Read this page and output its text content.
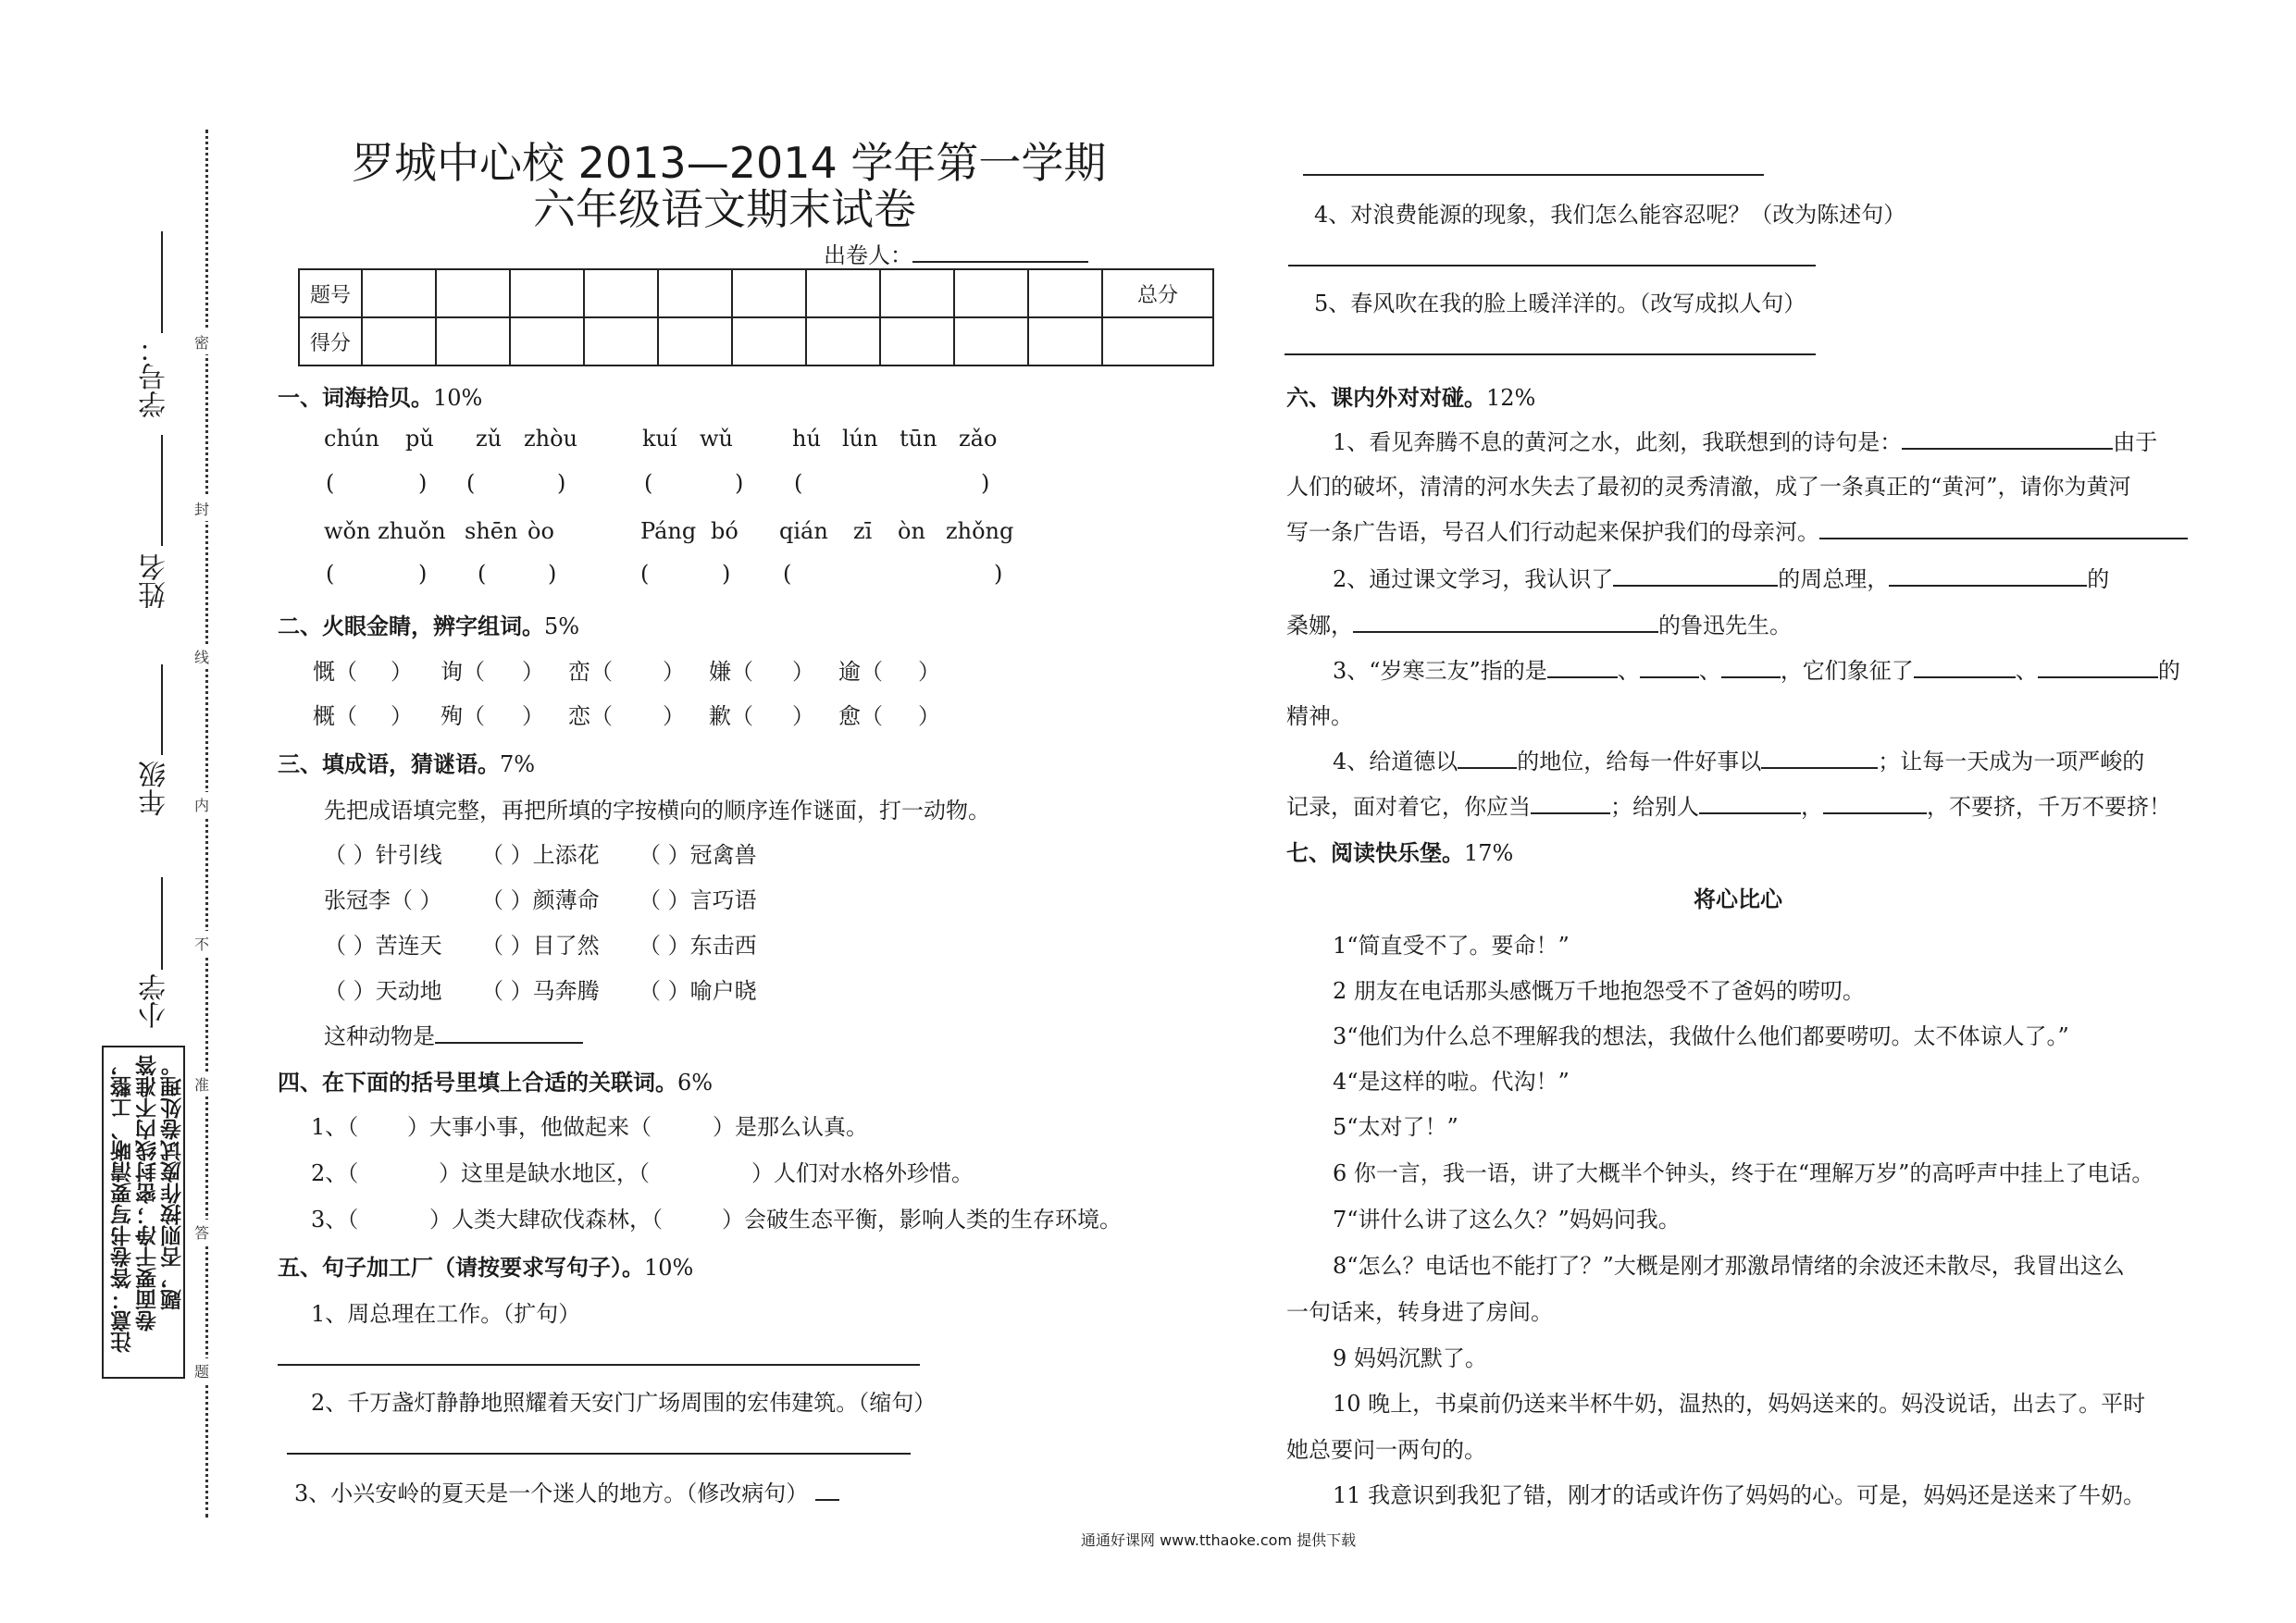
密
封
线
内
不
准
答
题
学号：
姓名
年级
小学
注意：答卷书写要清晰、工整， 卷面要干净；密封线内不准答 题，否则按作废试卷处理。
罗城中心校 2013—2014 学年第一学期
六年级语文期末试卷
出卷人：
题号											总分
得分											
一、词海拾贝。10%
chún pǔ zǔ zhòu	kuí wǔ	hú lún tūn zǎo
(	) (	)	(	) (	)
wǒn zhuǒn shēn òo	Páng bó qián zī òn zhǒng
(	) (	)	(	) (	)
二、火眼金睛，辨字组词。5%
慨（ ） 询（ ） 峦（ ） 嫌（ ） 逾（ ）
概（ ） 殉（ ） 恋（ ） 歉（ ） 愈（ ）
三、填成语，猜谜语。7%
先把成语填完整，再把所填的字按横向的顺序连作谜面，打一动物。
（ ）针引线 （ ）上添花 （ ）冠禽兽
张冠李（ ） （ ）颜薄命 （ ）言巧语
（ ）苦连天 （ ）目了然 （ ）东击西
（ ）天动地 （ ）马奔腾 （ ）喻户晓
这种动物是
四、在下面的括号里填上合适的关联词。6%
1、（ ）大事小事，他做起来（	）是那么认真。
2、（	）这里是缺水地区，（	）人们对水格外珍惜。
3、（	）人类大肆砍伐森林，（	）会破生态平衡，影响人类的生存环境。
五、句子加工厂（请按要求写句子）。10%
1、周总理在工作。（扩句）
2、千万盏灯静静地照耀着天安门广场周围的宏伟建筑。（缩句）
3、小兴安岭的夏天是一个迷人的地方。（修改病句）
4、对浪费能源的现象，我们怎么能容忍呢？（改为陈述句）
5、春风吹在我的脸上暖洋洋的。（改写成拟人句）
六、课内外对对碰。12%
1、看见奔腾不息的黄河之水，此刻，我联想到的诗句是：	由于
人们的破坏，清清的河水失去了最初的灵秀清澈，成了一条真正的“黄河”，请你为黄河
写一条广告语，号召人们行动起来保护我们的母亲河。
2、通过课文学习，我认识了	的周总理，	的
桑娜，	的鲁迅先生。
3、“岁寒三友”指的是	、	、	，它们象征了	、	的
精神。
4、给道德以	的地位，给每一件好事以	；让每一天成为一项严峻的
记录，面对着它，你应当	；给别人	，	，不要挤，千万不要挤！
七、阅读快乐堡。17%
将心比心
1“简直受不了。要命！”
2 朋友在电话那头感慨万千地抱怨受不了爸妈的唠叨。
3“他们为什么总不理解我的想法，我做什么他们都要唠叨。太不体谅人了。”
4“是这样的啦。代沟！”
5“太对了！”
6 你一言，我一语，讲了大概半个钟头，终于在“理解万岁”的高呼声中挂上了电话。
7“讲什么讲了这么久？”妈妈问我。
8“怎么？电话也不能打了？”大概是刚才那激昂情绪的余波还未散尽，我冒出这么
一句话来，转身进了房间。
9 妈妈沉默了。
10 晚上，书桌前仍送来半杯牛奶，温热的，妈妈送来的。妈没说话，出去了。平时
她总要问一两句的。
11 我意识到我犯了错，刚才的话或许伤了妈妈的心。可是，妈妈还是送来了牛奶。
通通好课网 www.tthaoke.com 提供下载
